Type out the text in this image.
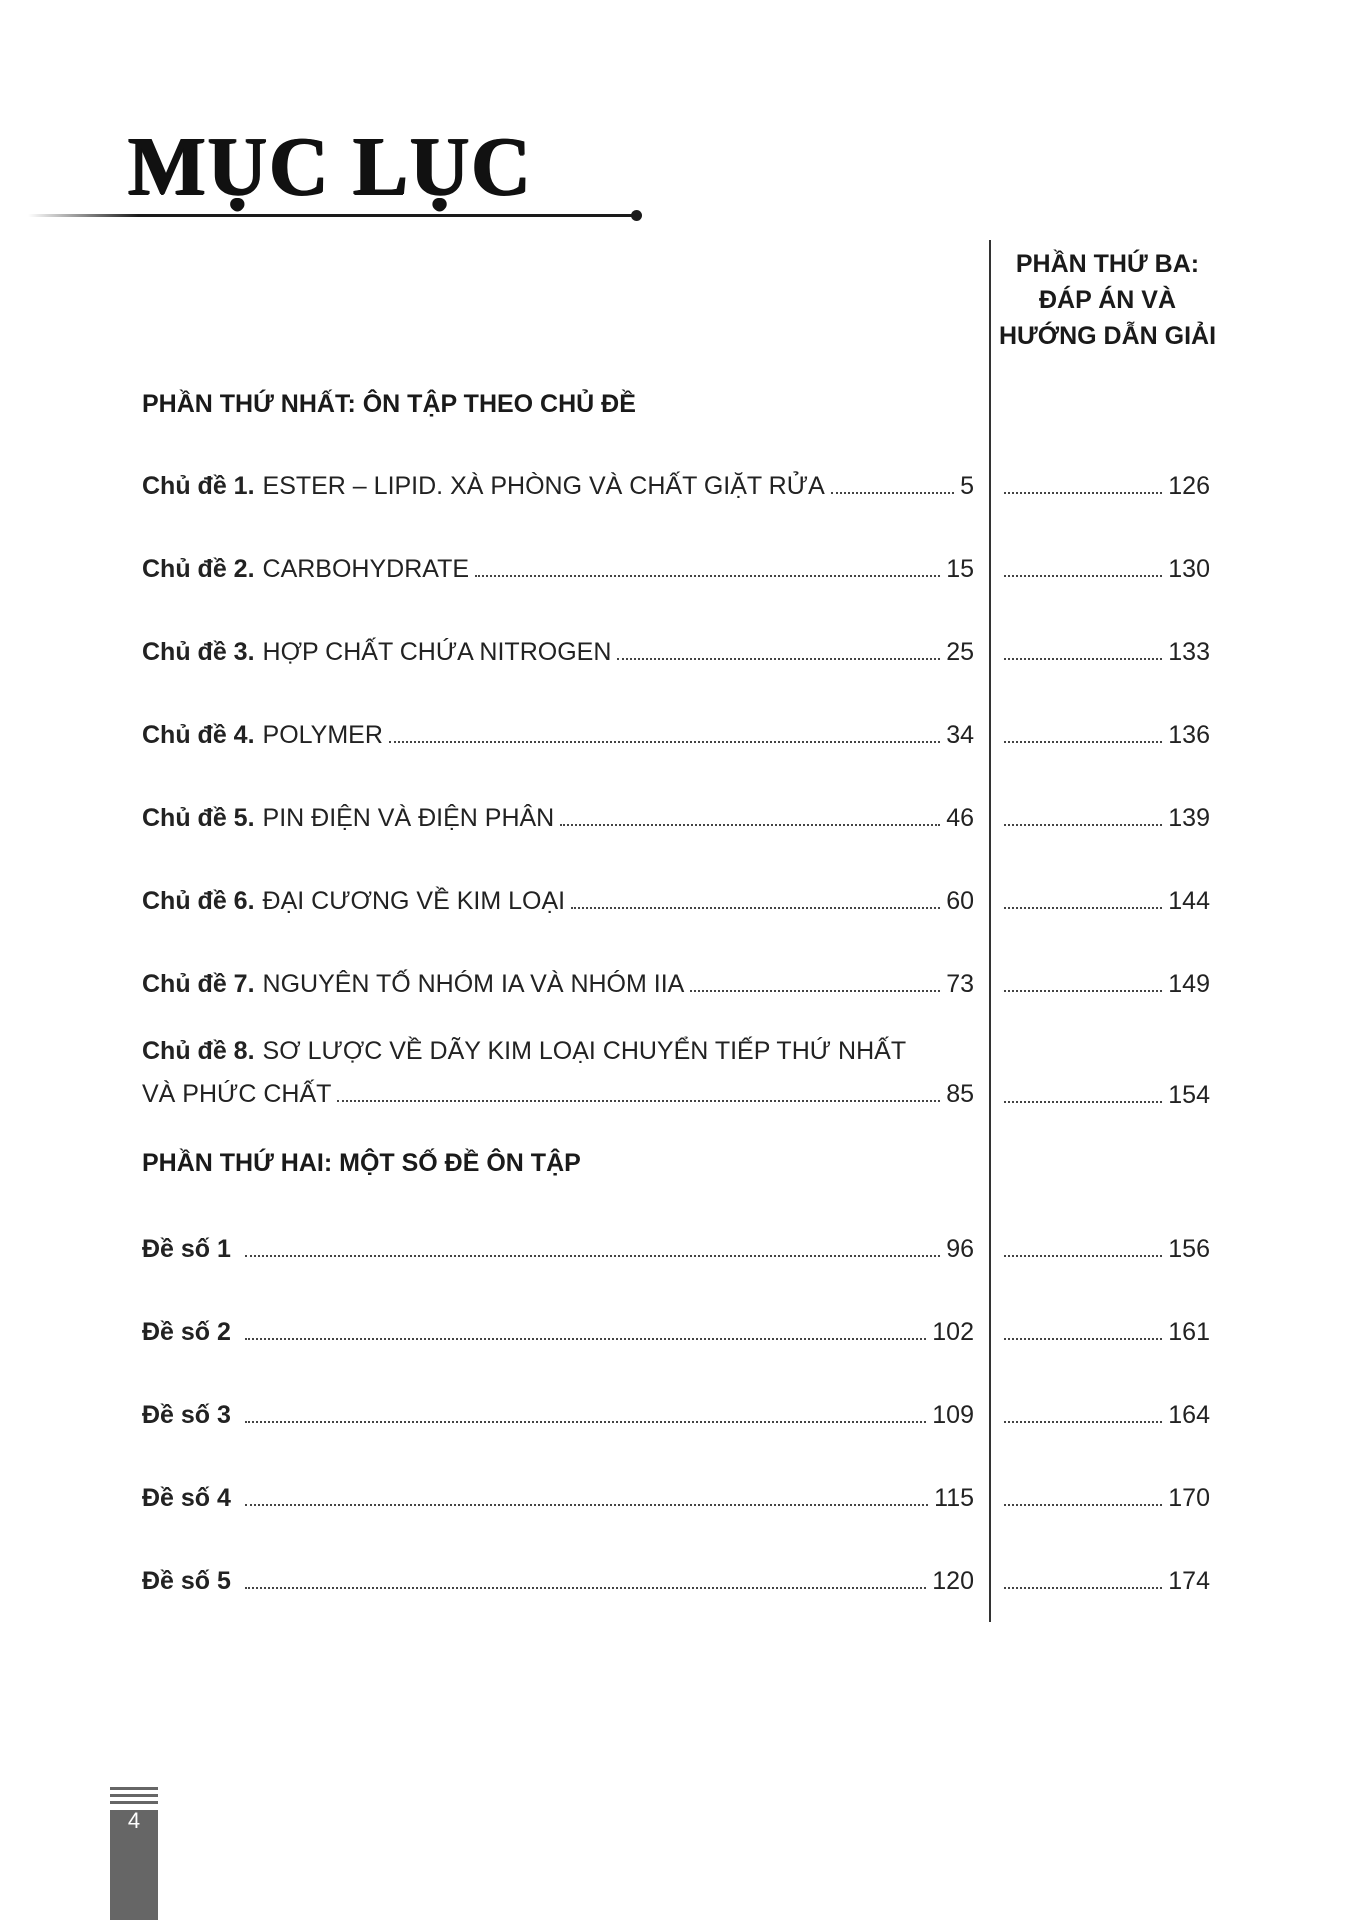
MỤC LỤC
PHẦN THỨ BA:
ĐÁP ÁN VÀ
HƯỚNG DẪN GIẢI
PHẦN THỨ NHẤT: ÔN TẬP THEO CHỦ ĐỀ
Chủ đề 1. ESTER – LIPID. XÀ PHÒNG VÀ CHẤT GIẶT RỬA	5	126
Chủ đề 2. CARBOHYDRATE	15	130
Chủ đề 3. HỢP CHẤT CHỨA NITROGEN	25	133
Chủ đề 4. POLYMER	34	136
Chủ đề 5. PIN ĐIỆN VÀ ĐIỆN PHÂN	46	139
Chủ đề 6. ĐẠI CƯƠNG VỀ KIM LOẠI	60	144
Chủ đề 7. NGUYÊN TỐ NHÓM IA VÀ NHÓM IIA	73	149
Chủ đề 8. SƠ LƯỢC VỀ DÃY KIM LOẠI CHUYỂN TIẾP THỨ NHẤT
VÀ PHỨC CHẤT	85	154
PHẦN THỨ HAI: MỘT SỐ ĐỀ ÔN TẬP
Đề số 1	96	156
Đề số 2	102	161
Đề số 3	109	164
Đề số 4	115	170
Đề số 5	120	174
4
